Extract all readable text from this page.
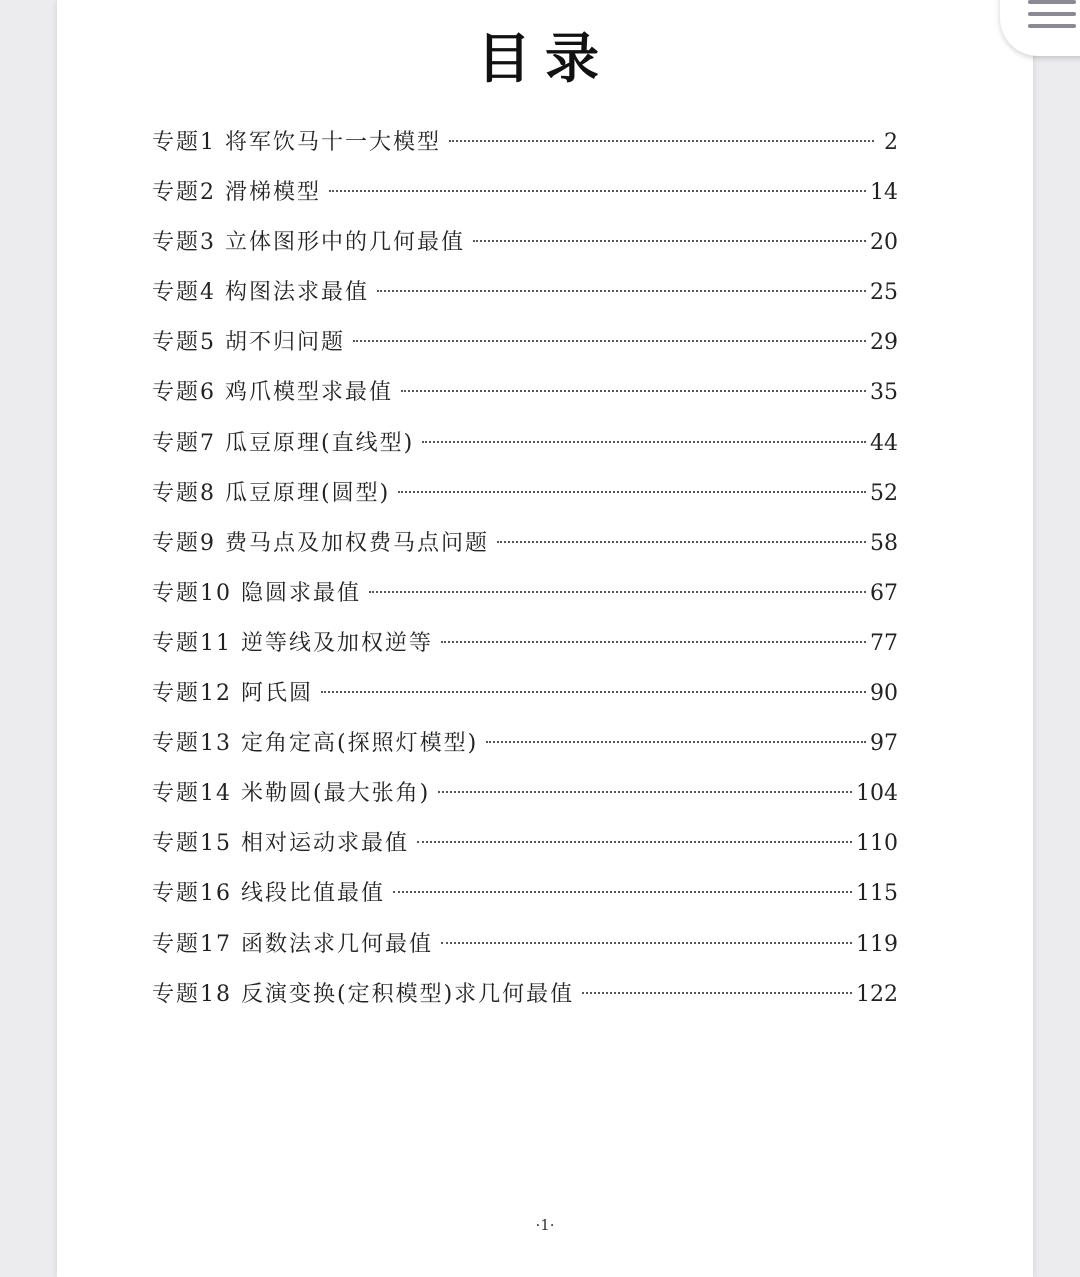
目录
专题1 将军饮马十一大模型	2
专题2 滑梯模型	14
专题3 立体图形中的几何最值	20
专题4 构图法求最值	25
专题5 胡不归问题	29
专题6 鸡爪模型求最值	35
专题7 瓜豆原理(直线型)	44
专题8 瓜豆原理(圆型)	52
专题9 费马点及加权费马点问题	58
专题10 隐圆求最值	67
专题11 逆等线及加权逆等	77
专题12 阿氏圆	90
专题13 定角定高(探照灯模型)	97
专题14 米勒圆(最大张角)	104
专题15 相对运动求最值	110
专题16 线段比值最值	115
专题17 函数法求几何最值	119
专题18 反演变换(定积模型)求几何最值	122
·1·
